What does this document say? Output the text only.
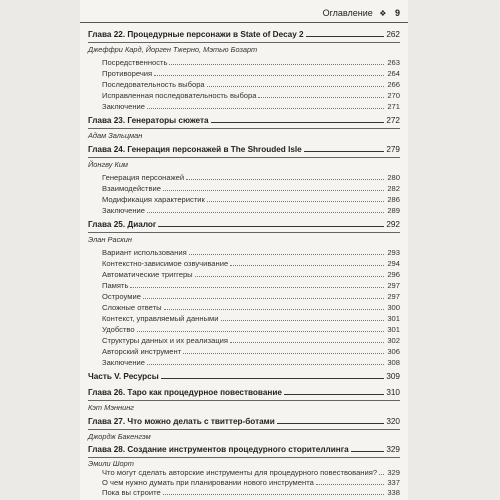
Оглавление ❖ 9
Глава 22. Процедурные персонажи в State of Decay 2	262
Джеффри Кард, Йорген Тжерно, Мэтью Бозарт
Посредственность	263
Противоречия	264
Последовательность выбора	266
Исправленная последовательность выбора	270
Заключение	271
Глава 23. Генераторы сюжета	272
Адам Зальцман
Глава 24. Генерация персонажей в The Shrouded Isle	279
Йонгву Ким
Генерация персонажей	280
Взаимодействие	282
Модификация характеристик	286
Заключение	289
Глава 25. Диалог	292
Элан Раскин
Вариант использования	293
Контекстно-зависимое озвучивание	294
Автоматические триггеры	296
Память	297
Остроумие	297
Сложные ответы	300
Контекст, управляемый данными	301
Удобство	301
Структуры данных и их реализация	302
Авторский инструмент	306
Заключение	308
Часть V. Ресурсы	309
Глава 26. Таро как процедурное повествование	310
Кэт Мэннинг
Глава 27. Что можно делать с твиттер-ботами	320
Джордж Бакенгэм
Глава 28. Создание инструментов процедурного сторителлинга	329
Эмили Шорт
Что могут сделать авторские инструменты для процедурного повествования?	329
О чем нужно думать при планировании нового инструмента	337
Пока вы строите	338
